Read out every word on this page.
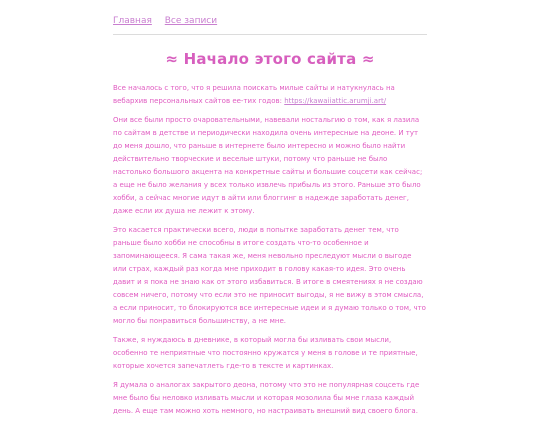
Главная Все записи
≈ Начало этого сайта ≈

Все началось с того, что я решила поискать милые сайты и натукнулась на вебархив персональных сайтов ее-тих годов: https://kawaiiattic.arumji.art/

Они все были просто очаровательными, навевали ностальгию о том, как я лазила по сайтам в детстве и периодически находила очень интересные на деоне. И тут до меня дошло, что раньше в интернете было интересно и можно было найти действительно творческие и веселые штуки, потому что раньше не было настолько большого акцента на конкретные сайты и большие соцсети как сейчас; а еще не было желания у всех только извлечь прибыль из этого. Раньше это было хобби, а сейчас многие идут в айти или блоггинг в надежде заработать денег, даже если их душа не лежит к этому.

Это касается практически всего, люди в попытке заработать денег тем, что раньше было хобби не способны в итоге создать что-то особенное и запоминающееся. Я сама такая же, меня невольно преследуют мысли о выгоде или страх, каждый раз когда мне приходит в голову какая-то идея. Это очень давит и я пока не знаю как от этого избавиться. В итоге в смеятениях я не создаю совсем ничего, потому что если это не приносит выгоды, я не вижу в этом смысла, а если приносит, то блокируются все интересные идеи и я думаю только о том, что могло бы понравиться большинству, а не мне.

Также, я нуждаюсь в дневнике, в который могла бы изливать свои мысли, особенно те неприятные что постоянно кружатся у меня в голове и те приятные, которые хочется запечатлеть где-то в тексте и картинках.

Я думала о аналогах закрытого деона, потому что это не популярная соцсеть где мне было бы неловко изливать мысли и которая мозолила бы мне глаза каждый день. А еще там можно хоть немного, но настраивать внешний вид своего блога.
